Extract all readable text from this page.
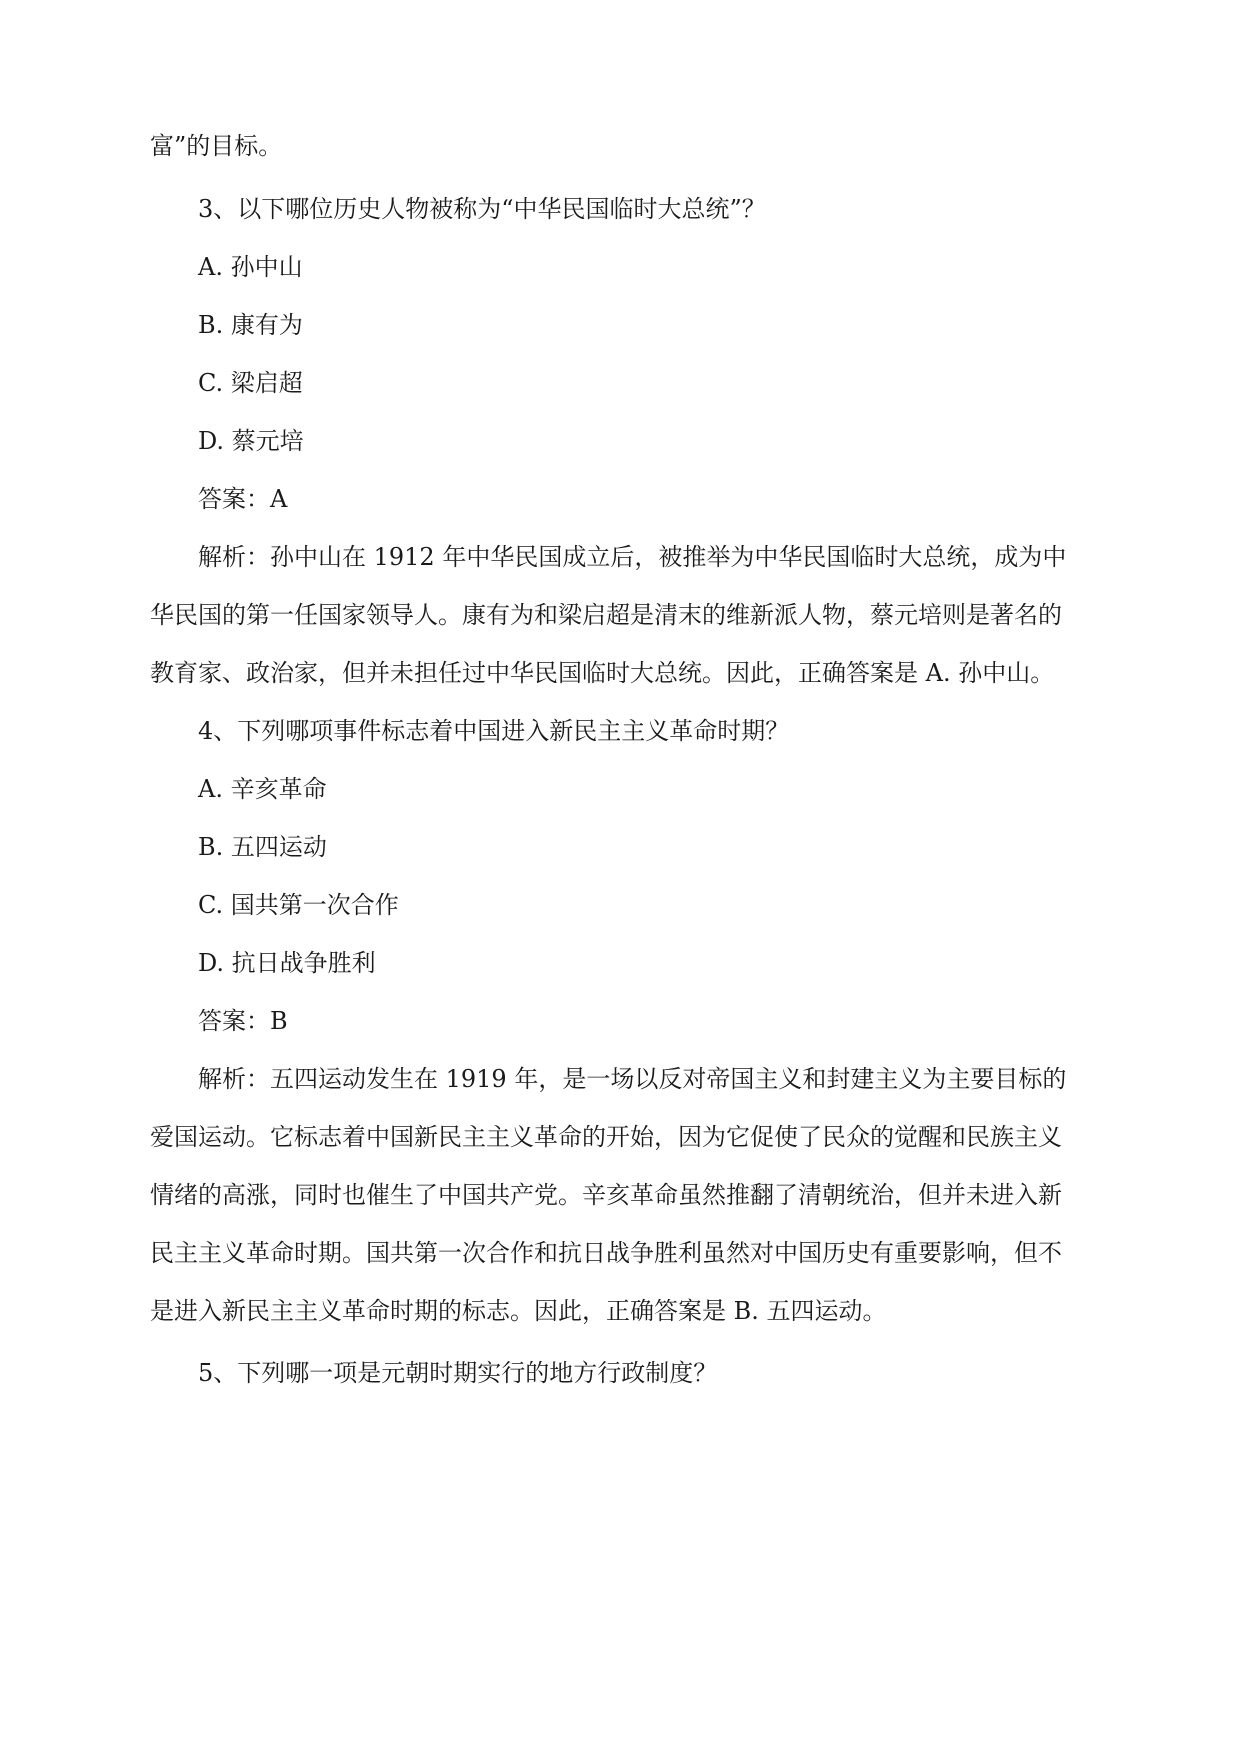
富”的目标。
3、以下哪位历史人物被称为“中华民国临时大总统”？
A. 孙中山
B. 康有为
C. 梁启超
D. 蔡元培
答案：A
解析：孙中山在 1912 年中华民国成立后，被推举为中华民国临时大总统，成为中
华民国的第一任国家领导人。康有为和梁启超是清末的维新派人物，蔡元培则是著名的
教育家、政治家，但并未担任过中华民国临时大总统。因此，正确答案是 A. 孙中山。
4、下列哪项事件标志着中国进入新民主主义革命时期？
A. 辛亥革命
B. 五四运动
C. 国共第一次合作
D. 抗日战争胜利
答案：B
解析：五四运动发生在 1919 年，是一场以反对帝国主义和封建主义为主要目标的
爱国运动。它标志着中国新民主主义革命的开始，因为它促使了民众的觉醒和民族主义
情绪的高涨，同时也催生了中国共产党。辛亥革命虽然推翻了清朝统治，但并未进入新
民主主义革命时期。国共第一次合作和抗日战争胜利虽然对中国历史有重要影响，但不
是进入新民主主义革命时期的标志。因此，正确答案是 B. 五四运动。
5、下列哪一项是元朝时期实行的地方行政制度？
